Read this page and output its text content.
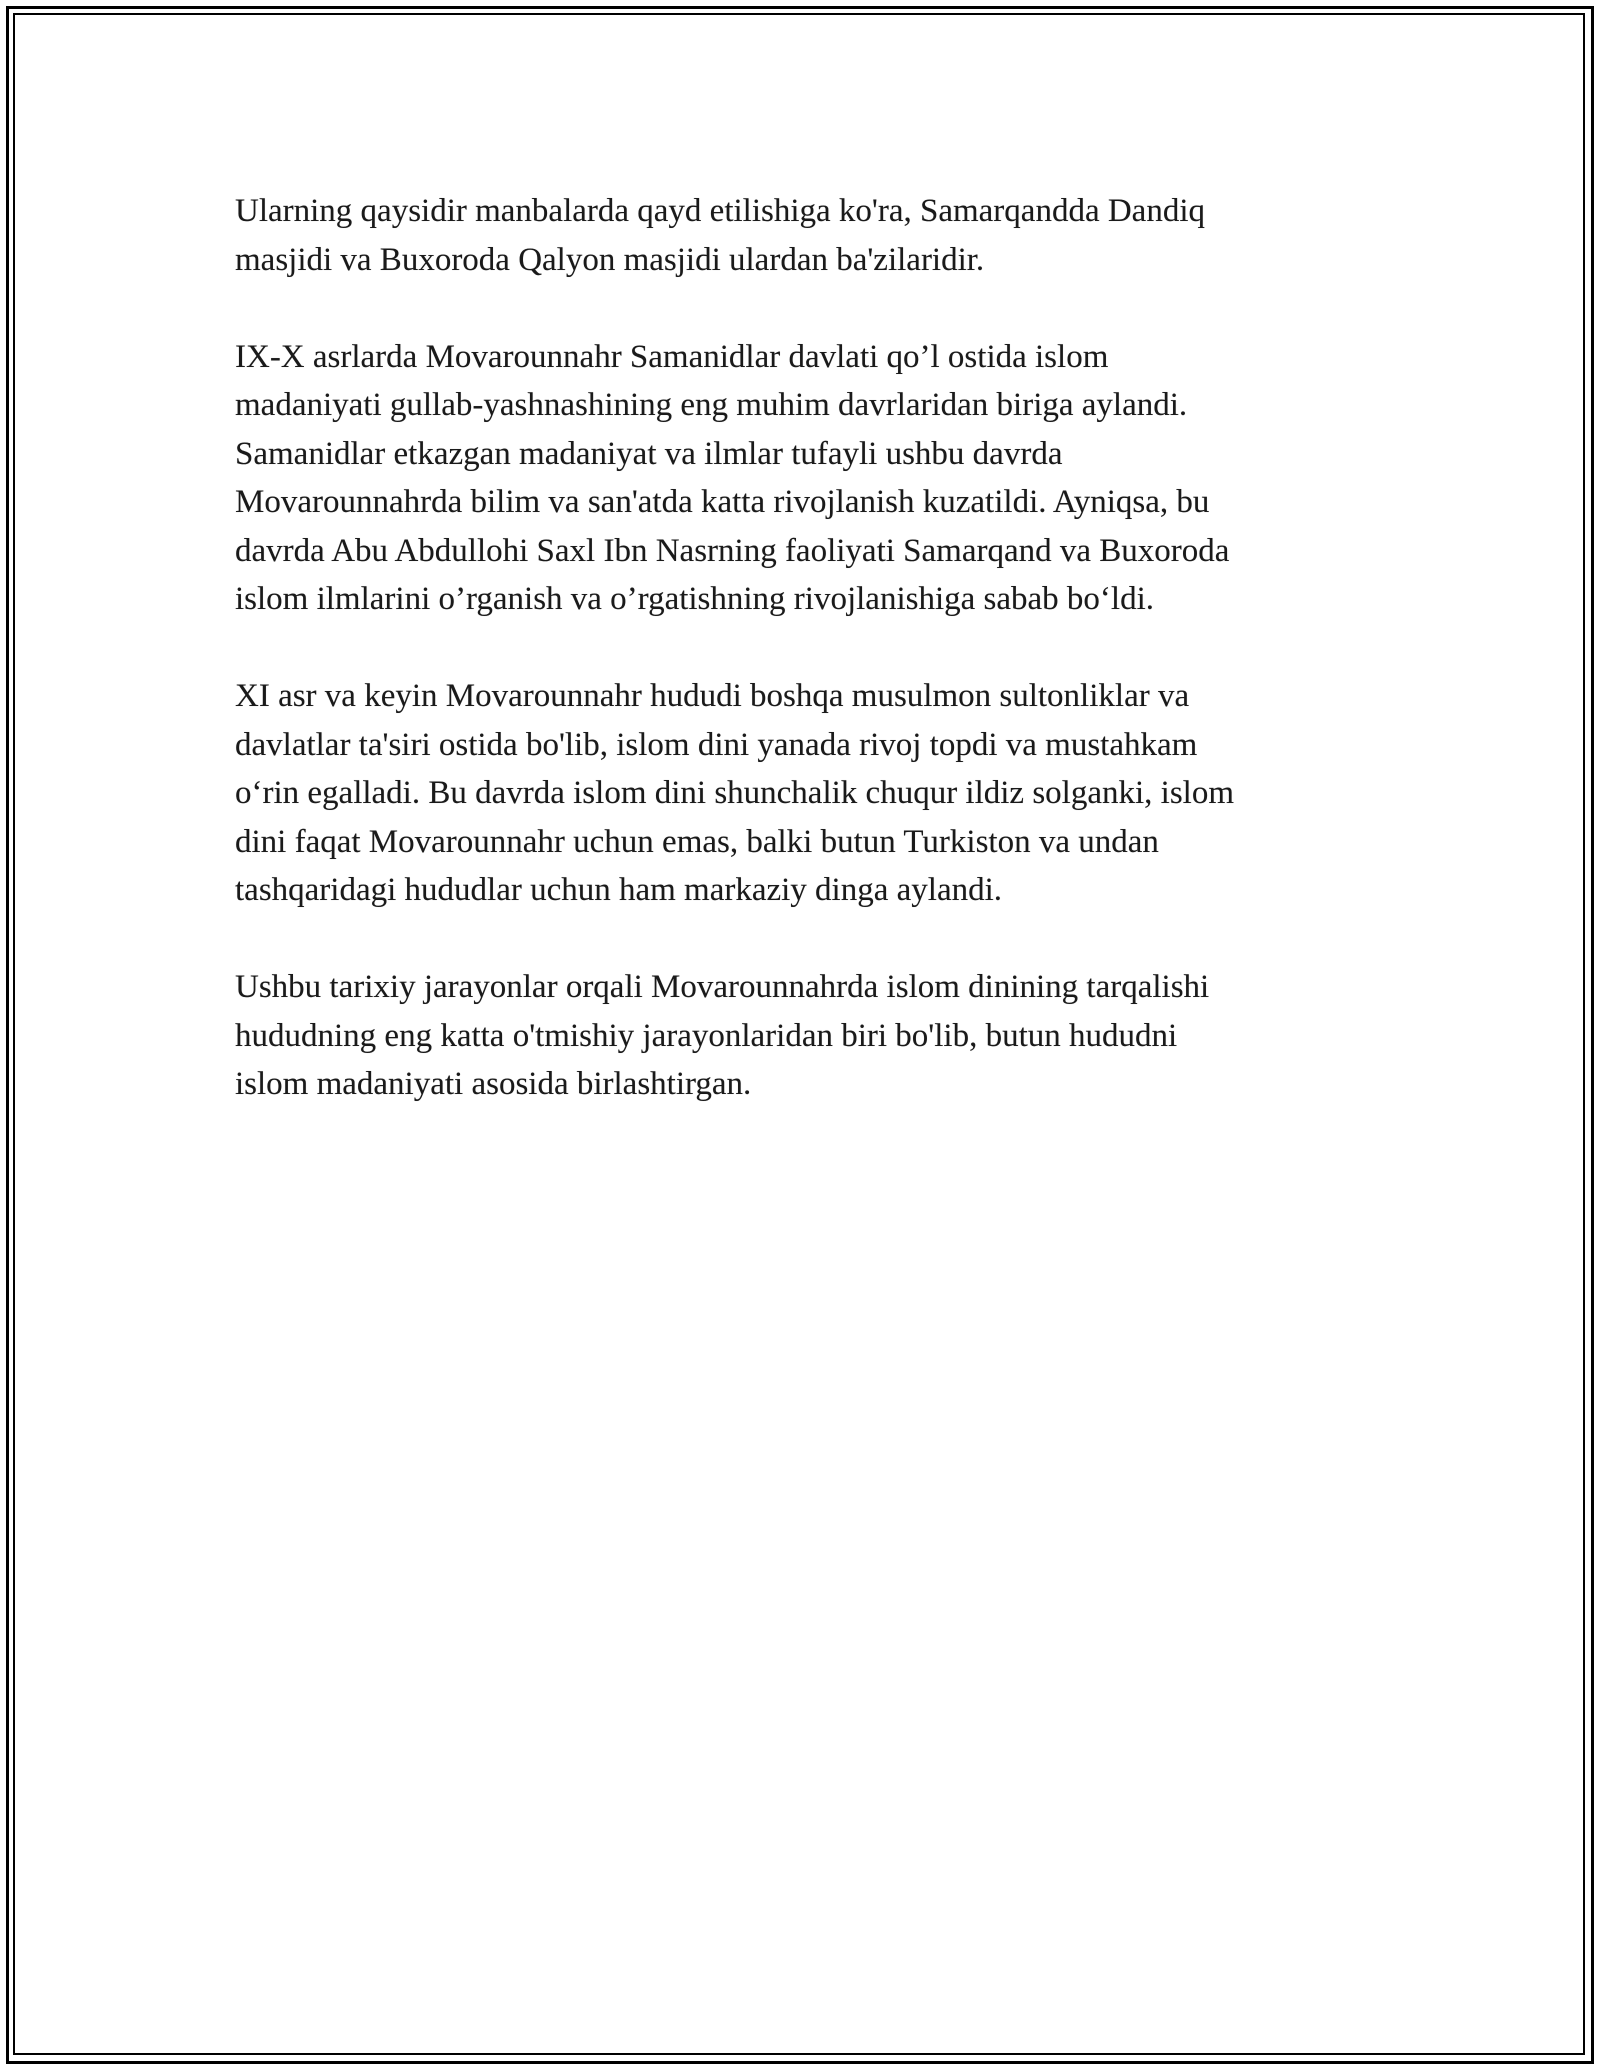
Ularning qaysidir manbalarda qayd etilishiga ko'ra, Samarqandda Dandiq
masjidi va Buxoroda Qalyon masjidi ulardan ba'zilaridir.

IX-X asrlarda Movarounnahr Samanidlar davlati qo’l ostida islom
madaniyati gullab-yashnashining eng muhim davrlaridan biriga aylandi.
Samanidlar etkazgan madaniyat va ilmlar tufayli ushbu davrda
Movarounnahrda bilim va san'atda katta rivojlanish kuzatildi. Ayniqsa, bu
davrda Abu Abdullohi Saxl Ibn Nasrning faoliyati Samarqand va Buxoroda
islom ilmlarini o’rganish va o’rgatishning rivojlanishiga sabab bo‘ldi.

XI asr va keyin Movarounnahr hududi boshqa musulmon sultonliklar va
davlatlar ta'siri ostida bo'lib, islom dini yanada rivoj topdi va mustahkam
o‘rin egalladi. Bu davrda islom dini shunchalik chuqur ildiz solganki, islom
dini faqat Movarounnahr uchun emas, balki butun Turkiston va undan
tashqaridagi hududlar uchun ham markaziy dinga aylandi.

Ushbu tarixiy jarayonlar orqali Movarounnahrda islom dinining tarqalishi
hududning eng katta o'tmishiy jarayonlaridan biri bo'lib, butun hududni
islom madaniyati asosida birlashtirgan.
